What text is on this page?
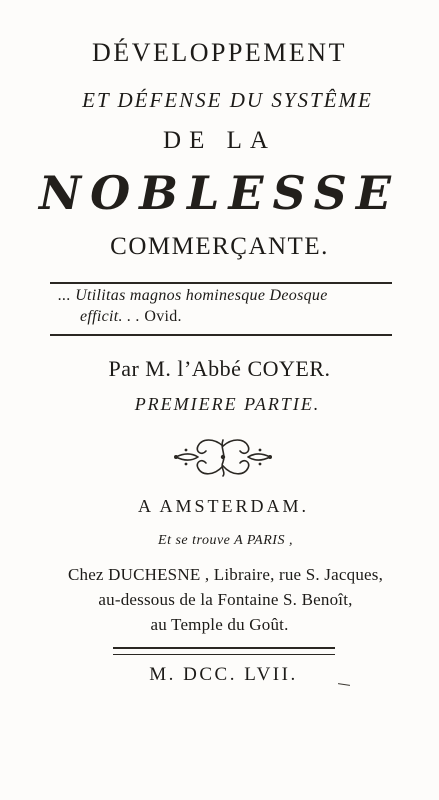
DÉVELOPPEMENT
ET DÉFENSE DU SYSTÊME
DE LA
NOBLESSE
COMMERÇANTE.
... Utilitas magnos hominesque Deosque
efficit. . . Ovid.
Par M. l’Abbé COYER.
PREMIERE PARTIE.
A AMSTERDAM.
Et se trouve A PARIS ,
Chez DUCHESNE , Libraire, rue S. Jacques,
au-dessous de la Fontaine S. Benoît,
au Temple du Goût.
M. DCC. LVII.
